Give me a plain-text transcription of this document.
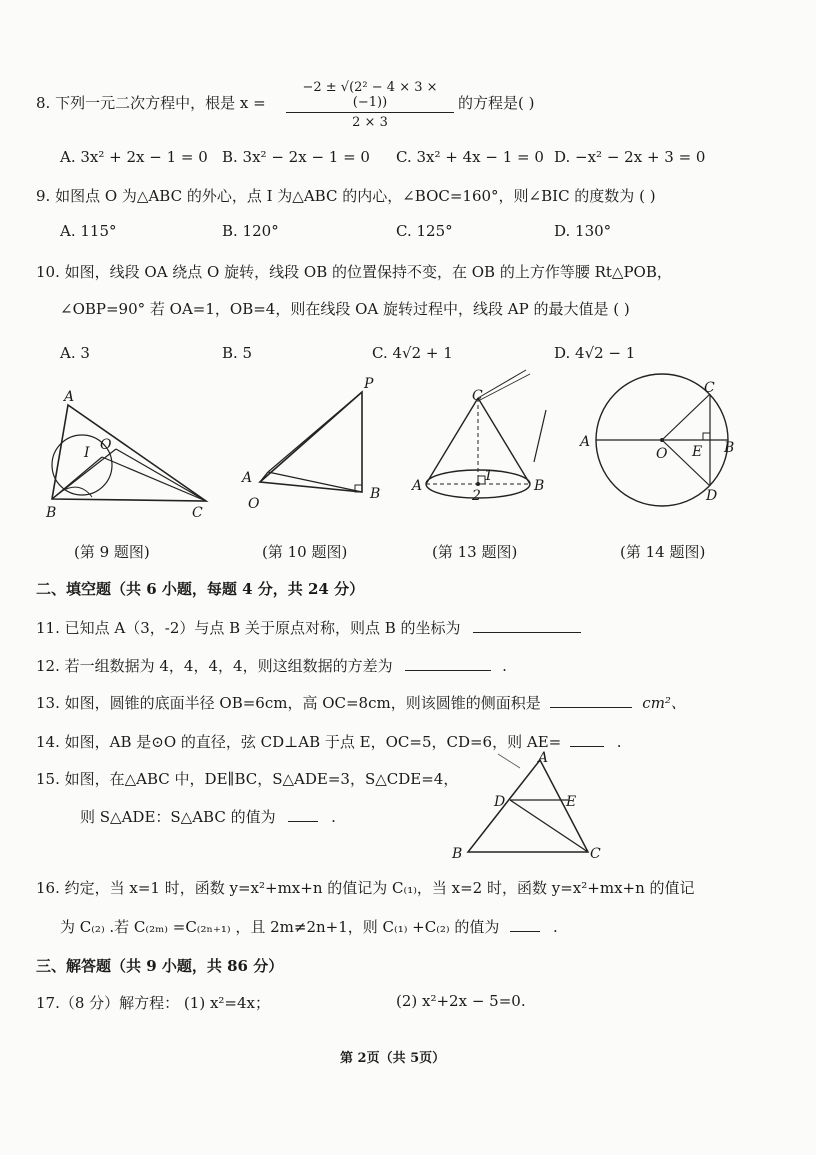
8. 下列一元二次方程中，根是 $x = \frac{\text{−2 ± √(2² − 4 × 3 × (−1))}}{2 \times 3}$ 的方程是( )
A. 3x² + 2x − 1 = 0 B. 3x² − 2x − 1 = 0 C. 3x² + 4x − 1 = 0 D. −x² − 2x + 3 = 0
9. 如图点 O 为△ABC 的外心，点 I 为△ABC 的内心，∠BOC=160°，则∠BIC 的度数为 ( )
A. 115°	B. 120°	C. 125°	D. 130°
10. 如图，线段 OA 绕点 O 旋转，线段 OB 的位置保持不变，在 OB 的上方作等腰 Rt△POB，
∠OBP=90° 若 OA=1，OB=4，则在线段 OA 旋转过程中，线段 AP 的最大值是 ( )
A. 3	B. 5	C. 4√2 + 1	D. 4√2 − 1
A
B	C
I O
P
A
O
B
C
A	B
1
2
A
O E B
C
D
(第 9 题图)	(第 10 题图)	(第 13 题图)	(第 14 题图)
二、填空题（共 6 小题，每题 4 分，共 24 分）
11. 已知点 A（3，-2）与点 B 关于原点对称，则点 B 的坐标为
12. 若一组数据为 4，4，4，4，则这组数据的方差为	.
13. 如图，圆锥的底面半径 OB=6cm，高 OC=8cm，则该圆锥的侧面积是	cm²、
14. 如图，AB 是⊙O 的直径，弦 CD⊥AB 于点 E，OC=5，CD=6，则 AE=	.
15. 如图，在△ABC 中，DE∥BC，S△ADE=3，S△CDE=4，
则 S△ADE：S△ABC 的值为	.
A
D	E
B	C
16. 约定，当 x=1 时，函数 y=x²+mx+n 的值记为 C₍₁₎，当 x=2 时，函数 y=x²+mx+n 的值记
为 C₍₂₎ .若 C₍₂ₘ₎ =C₍₂ₙ₊₁₎ ，且 2m≠2n+1，则 C₍₁₎ +C₍₂₎ 的值为	.
三、解答题（共 9 小题，共 86 分）
17.（8 分）解方程： (1) x²=4x；	(2) x²+2x − 5=0.
第 2页（共 5页）
